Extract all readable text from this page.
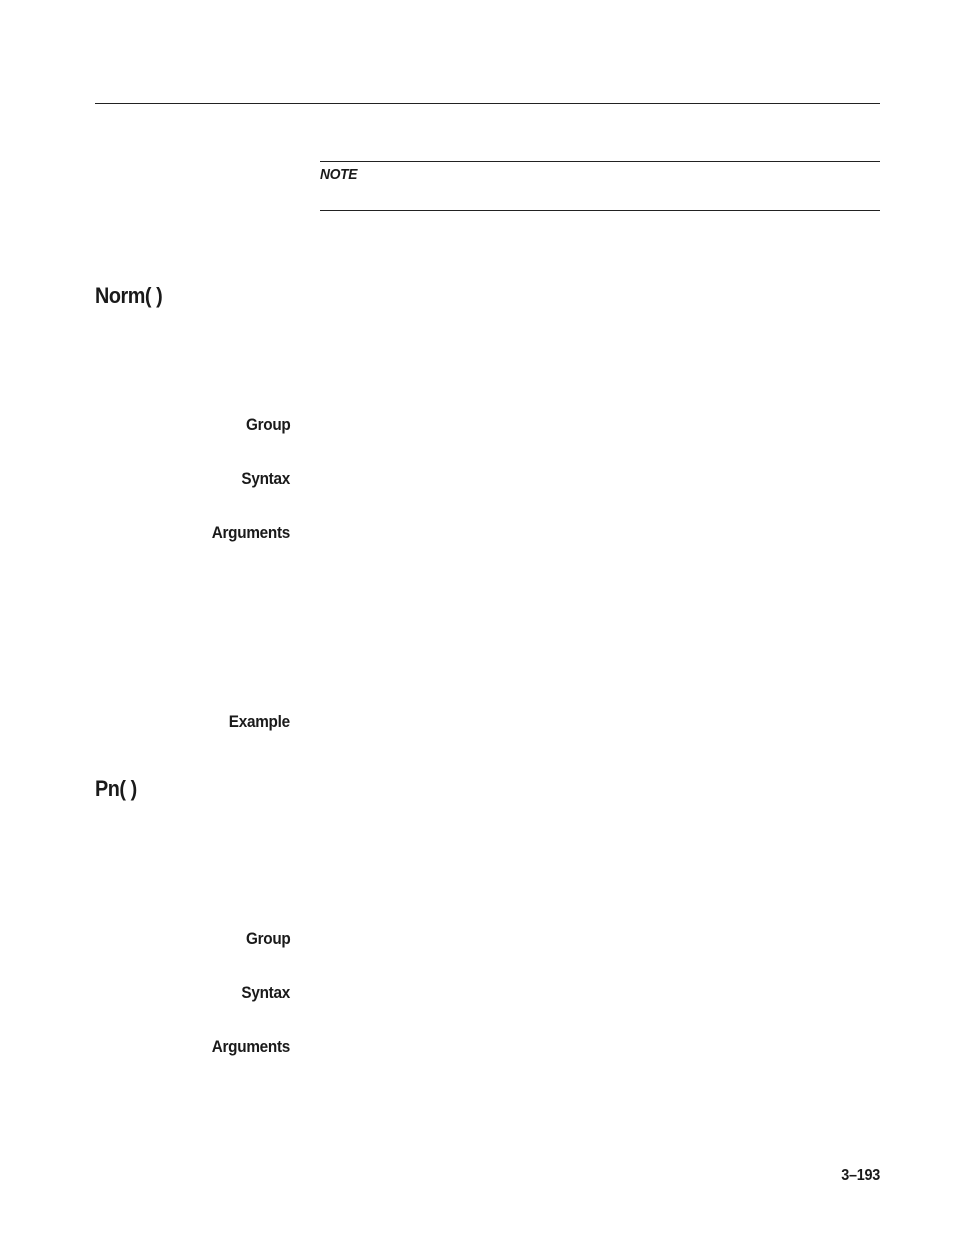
NOTE
Norm( )
Group
Syntax
Arguments
Example
Pn( )
Group
Syntax
Arguments
3–193
